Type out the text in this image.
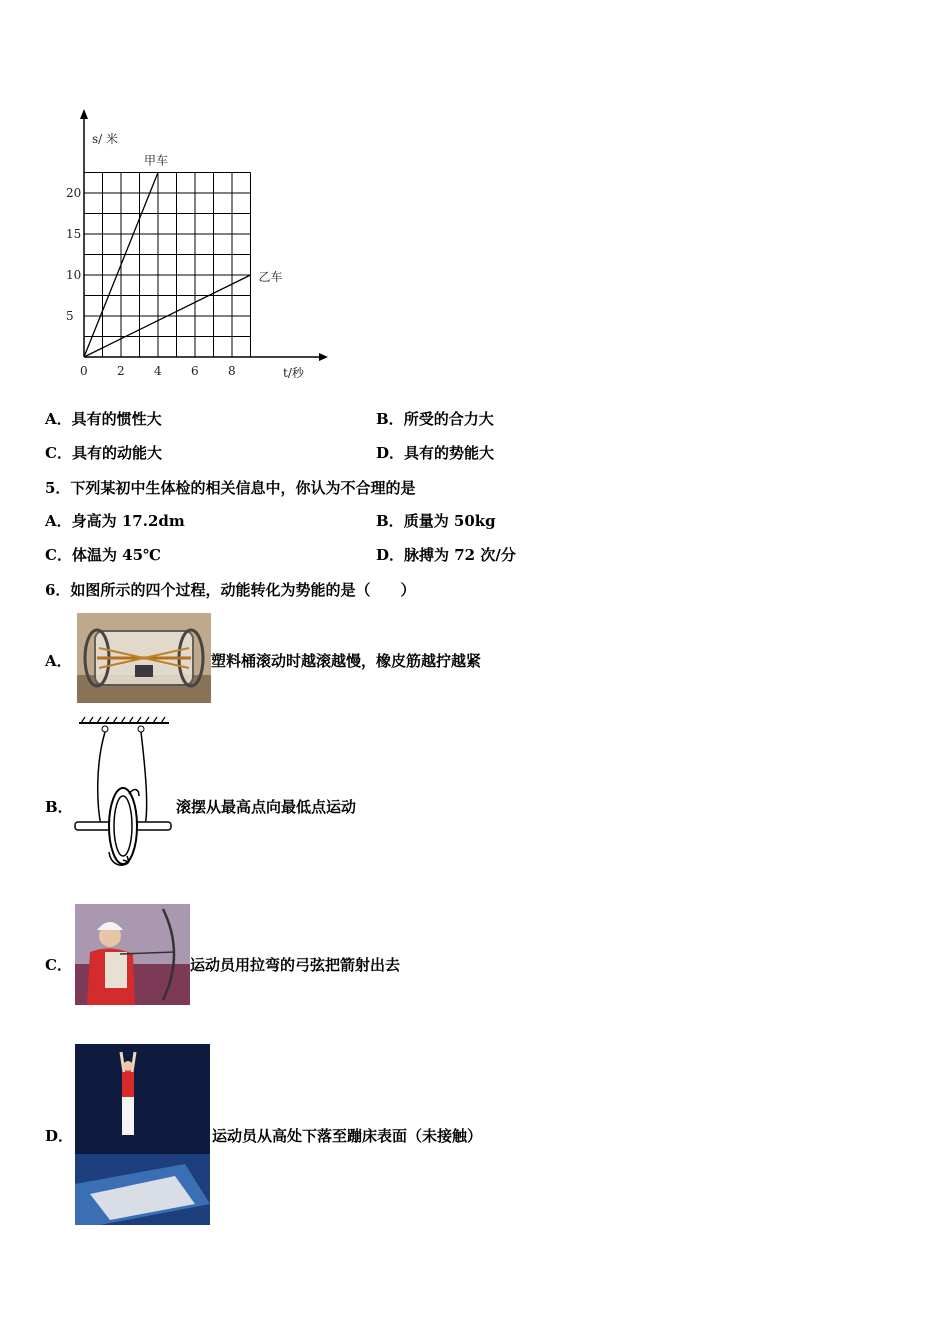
甲车
乙车
0 2 4 6 8
5
10
15
20
s/ 米
t/秒
A．具有的惯性大	B．所受的合力大
C．具有的动能大	D．具有的势能大
5．下列某初中生体检的相关信息中，你认为不合理的是
A．身高为 17.2dm	B．质量为 50kg
C．体温为 45℃	D．脉搏为 72 次/分
6．如图所示的四个过程，动能转化为势能的是（　　）
A．	塑料桶滚动时越滚越慢，橡皮筋越拧越紧
B．	滚摆从最高点向最低点运动
C．	运动员用拉弯的弓弦把箭射出去
D．	运动员从高处下落至蹦床表面（未接触）
